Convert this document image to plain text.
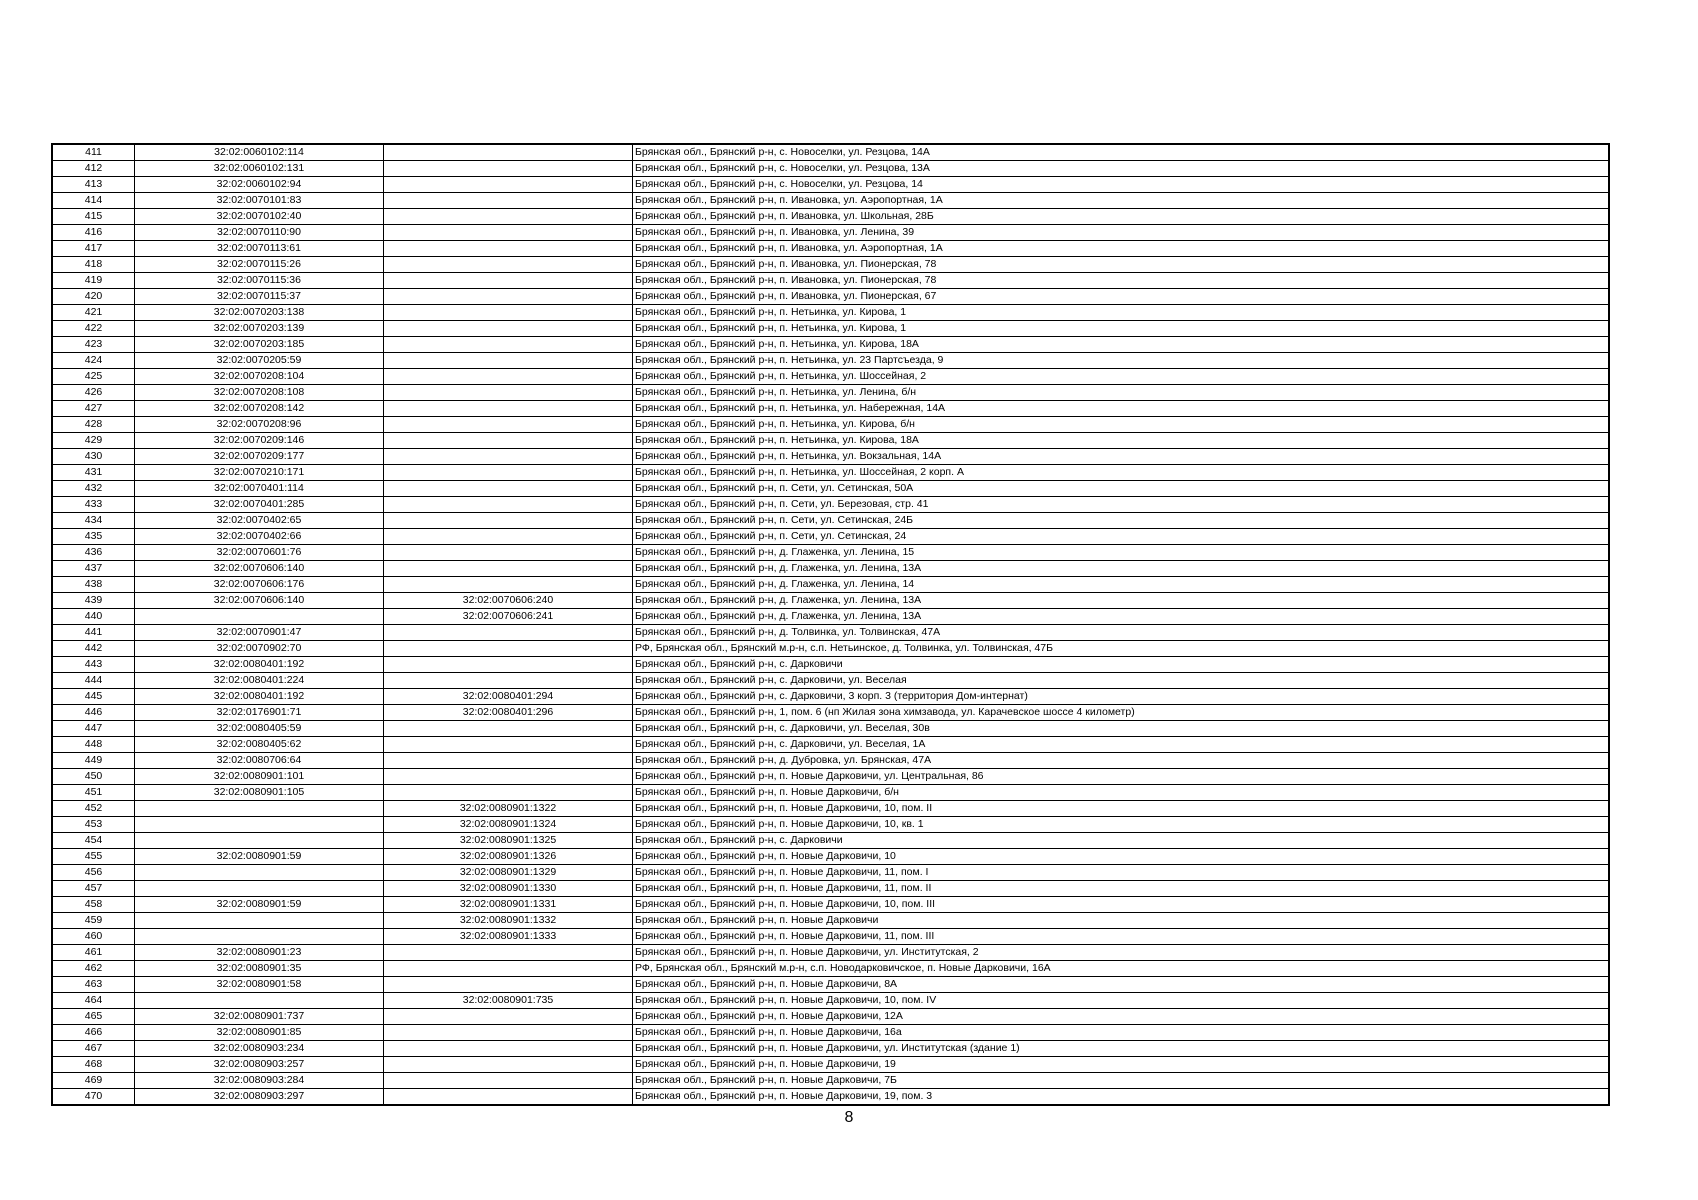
411	32:02:0060102:114		Брянская обл., Брянский р-н, с. Новоселки, ул. Резцова, 14А
412	32:02:0060102:131		Брянская обл., Брянский р-н, с. Новоселки, ул. Резцова, 13А
413	32:02:0060102:94		Брянская обл., Брянский р-н, с. Новоселки, ул. Резцова, 14
414	32:02:0070101:83		Брянская обл., Брянский р-н, п. Ивановка, ул. Аэропортная, 1А
415	32:02:0070102:40		Брянская обл., Брянский р-н, п. Ивановка, ул. Школьная, 28Б
416	32:02:0070110:90		Брянская обл., Брянский р-н, п. Ивановка, ул. Ленина, 39
417	32:02:0070113:61		Брянская обл., Брянский р-н, п. Ивановка, ул. Аэропортная, 1А
418	32:02:0070115:26		Брянская обл., Брянский р-н, п. Ивановка, ул. Пионерская, 78
419	32:02:0070115:36		Брянская обл., Брянский р-н, п. Ивановка, ул. Пионерская, 78
420	32:02:0070115:37		Брянская обл., Брянский р-н, п. Ивановка, ул. Пионерская, 67
421	32:02:0070203:138		Брянская обл., Брянский р-н, п. Нетьинка, ул. Кирова, 1
422	32:02:0070203:139		Брянская обл., Брянский р-н, п. Нетьинка, ул. Кирова, 1
423	32:02:0070203:185		Брянская обл., Брянский р-н, п. Нетьинка, ул. Кирова, 18А
424	32:02:0070205:59		Брянская обл., Брянский р-н, п. Нетьинка, ул. 23 Партсъезда, 9
425	32:02:0070208:104		Брянская обл., Брянский р-н, п. Нетьинка, ул. Шоссейная, 2
426	32:02:0070208:108		Брянская обл., Брянский р-н, п. Нетьинка, ул. Ленина, б/н
427	32:02:0070208:142		Брянская обл., Брянский р-н, п. Нетьинка, ул. Набережная, 14А
428	32:02:0070208:96		Брянская обл., Брянский р-н, п. Нетьинка, ул. Кирова, б/н
429	32:02:0070209:146		Брянская обл., Брянский р-н, п. Нетьинка, ул. Кирова, 18А
430	32:02:0070209:177		Брянская обл., Брянский р-н, п. Нетьинка, ул. Вокзальная, 14А
431	32:02:0070210:171		Брянская обл., Брянский р-н, п. Нетьинка, ул. Шоссейная, 2 корп. А
432	32:02:0070401:114		Брянская обл., Брянский р-н, п. Сети, ул. Сетинская, 50А
433	32:02:0070401:285		Брянская обл., Брянский р-н, п. Сети, ул. Березовая, стр. 41
434	32:02:0070402:65		Брянская обл., Брянский р-н, п. Сети, ул. Сетинская, 24Б
435	32:02:0070402:66		Брянская обл., Брянский р-н, п. Сети, ул. Сетинская, 24
436	32:02:0070601:76		Брянская обл., Брянский р-н, д. Глаженка, ул. Ленина, 15
437	32:02:0070606:140		Брянская обл., Брянский р-н, д. Глаженка, ул. Ленина, 13А
438	32:02:0070606:176		Брянская обл., Брянский р-н, д. Глаженка, ул. Ленина, 14
439	32:02:0070606:140	32:02:0070606:240	Брянская обл., Брянский р-н, д. Глаженка, ул. Ленина, 13А
440		32:02:0070606:241	Брянская обл., Брянский р-н, д. Глаженка, ул. Ленина, 13А
441	32:02:0070901:47		Брянская обл., Брянский р-н, д. Толвинка, ул. Толвинская, 47А
442	32:02:0070902:70		РФ, Брянская обл., Брянский м.р-н, с.п. Нетьинское, д. Толвинка, ул. Толвинская, 47Б
443	32:02:0080401:192		Брянская обл., Брянский р-н, с. Дарковичи
444	32:02:0080401:224		Брянская обл., Брянский р-н, с. Дарковичи, ул. Веселая
445	32:02:0080401:192	32:02:0080401:294	Брянская обл., Брянский р-н, с. Дарковичи, 3 корп. 3 (территория Дом-интернат)
446	32:02:0176901:71	32:02:0080401:296	Брянская обл., Брянский р-н, 1, пом. 6 (нп Жилая зона химзавода, ул. Карачевское шоссе 4 километр)
447	32:02:0080405:59		Брянская обл., Брянский р-н, с. Дарковичи, ул. Веселая, 30в
448	32:02:0080405:62		Брянская обл., Брянский р-н, с. Дарковичи, ул. Веселая, 1А
449	32:02:0080706:64		Брянская обл., Брянский р-н, д. Дубровка, ул. Брянская, 47А
450	32:02:0080901:101		Брянская обл., Брянский р-н, п. Новые Дарковичи, ул. Центральная, 86
451	32:02:0080901:105		Брянская обл., Брянский р-н, п. Новые Дарковичи, б/н
452		32:02:0080901:1322	Брянская обл., Брянский р-н, п. Новые Дарковичи, 10, пом. II
453		32:02:0080901:1324	Брянская обл., Брянский р-н, п. Новые Дарковичи, 10, кв. 1
454		32:02:0080901:1325	Брянская обл., Брянский р-н, с. Дарковичи
455	32:02:0080901:59	32:02:0080901:1326	Брянская обл., Брянский р-н, п. Новые Дарковичи, 10
456		32:02:0080901:1329	Брянская обл., Брянский р-н, п. Новые Дарковичи, 11, пом. I
457		32:02:0080901:1330	Брянская обл., Брянский р-н, п. Новые Дарковичи, 11, пом. II
458	32:02:0080901:59	32:02:0080901:1331	Брянская обл., Брянский р-н, п. Новые Дарковичи, 10, пом. III
459		32:02:0080901:1332	Брянская обл., Брянский р-н, п. Новые Дарковичи
460		32:02:0080901:1333	Брянская обл., Брянский р-н, п. Новые Дарковичи, 11, пом. III
461	32:02:0080901:23		Брянская обл., Брянский р-н, п. Новые Дарковичи, ул. Институтская, 2
462	32:02:0080901:35		РФ, Брянская обл., Брянский м.р-н, с.п. Новодарковичское, п. Новые Дарковичи, 16А
463	32:02:0080901:58		Брянская обл., Брянский р-н, п. Новые Дарковичи, 8А
464		32:02:0080901:735	Брянская обл., Брянский р-н, п. Новые Дарковичи, 10, пом. IV
465	32:02:0080901:737		Брянская обл., Брянский р-н, п. Новые Дарковичи, 12А
466	32:02:0080901:85		Брянская обл., Брянский р-н, п. Новые Дарковичи, 16а
467	32:02:0080903:234		Брянская обл., Брянский р-н, п. Новые Дарковичи, ул. Институтская (здание 1)
468	32:02:0080903:257		Брянская обл., Брянский р-н, п. Новые Дарковичи, 19
469	32:02:0080903:284		Брянская обл., Брянский р-н, п. Новые Дарковичи, 7Б
470	32:02:0080903:297		Брянская обл., Брянский р-н, п. Новые Дарковичи, 19, пом. 3
8
